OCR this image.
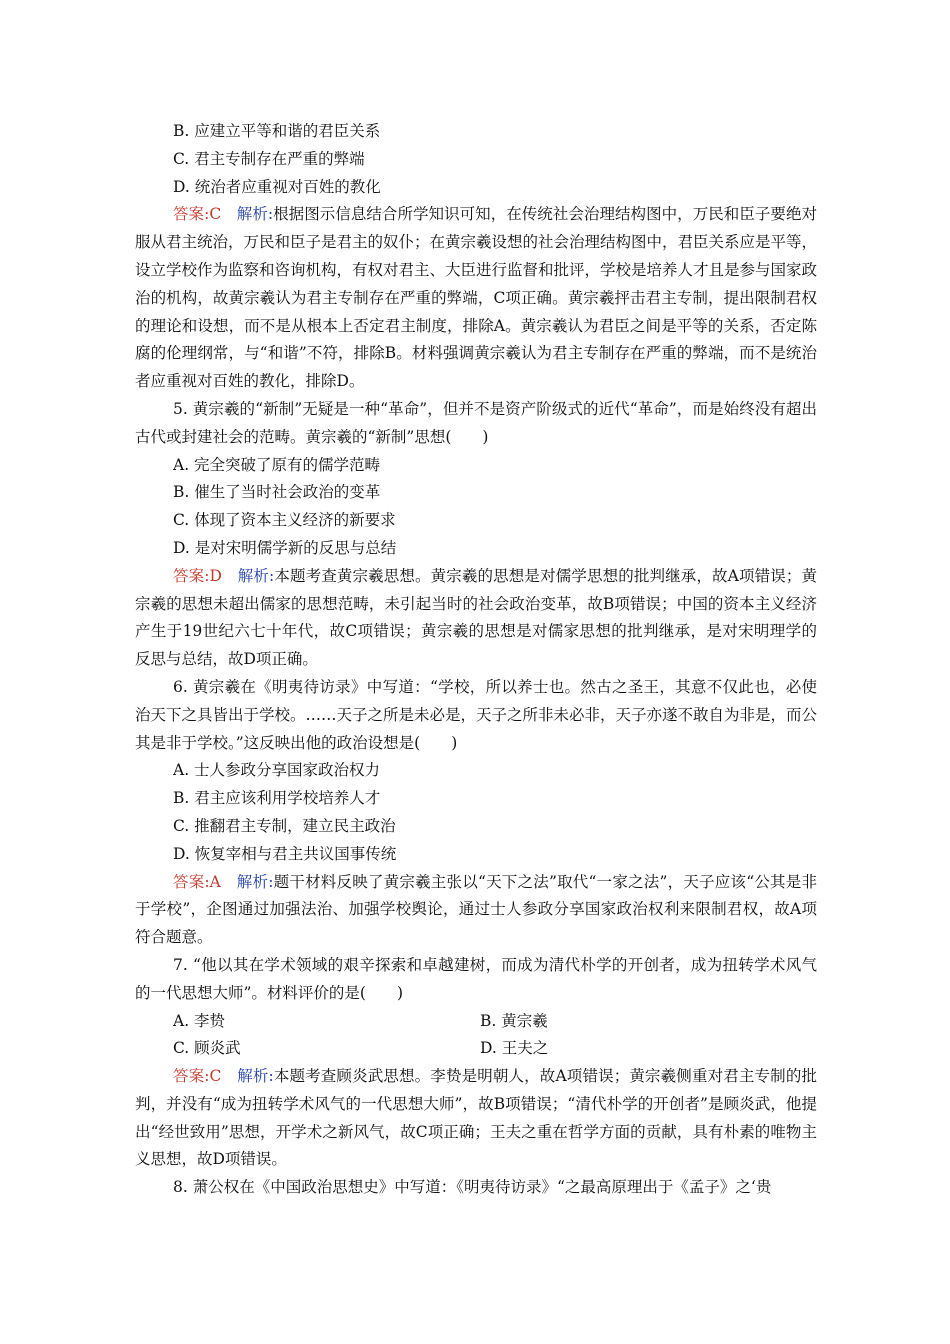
B. 应建立平等和谐的君臣关系
C. 君主专制存在严重的弊端
D. 统治者应重视对百姓的教化
答案:C　 解析:根据图示信息结合所学知识可知，在传统社会治理结构图中，万民和臣子要绝对服从君主统治，万民和臣子是君主的奴仆；在黄宗羲设想的社会治理结构图中，君臣关系应是平等，设立学校作为监察和咨询机构，有权对君主、大臣进行监督和批评，学校是培养人才且是参与国家政治的机构，故黄宗羲认为君主专制存在严重的弊端，C项正确。黄宗羲抨击君主专制，提出限制君权的理论和设想，而不是从根本上否定君主制度，排除A。黄宗羲认为君臣之间是平等的关系，否定陈腐的伦理纲常，与“和谐”不符，排除B。材料强调黄宗羲认为君主专制存在严重的弊端，而不是统治者应重视对百姓的教化，排除D。
5. 黄宗羲的“新制”无疑是一种“革命”，但并不是资产阶级式的近代“革命”，而是始终没有超出古代或封建社会的范畴。黄宗羲的“新制”思想(　　)
A. 完全突破了原有的儒学范畴
B. 催生了当时社会政治的变革
C. 体现了资本主义经济的新要求
D. 是对宋明儒学新的反思与总结
答案:D　 解析:本题考查黄宗羲思想。黄宗羲的思想是对儒学思想的批判继承，故A项错误；黄宗羲的思想未超出儒家的思想范畴，未引起当时的社会政治变革，故B项错误；中国的资本主义经济产生于19世纪六七十年代，故C项错误；黄宗羲的思想是对儒家思想的批判继承，是对宋明理学的反思与总结，故D项正确。
6. 黄宗羲在《明夷待访录》中写道：“学校，所以养士也。然古之圣王，其意不仅此也，必使治天下之具皆出于学校。……天子之所是未必是，天子之所非未必非，天子亦遂不敢自为非是，而公其是非于学校。”这反映出他的政治设想是(　　)
A. 士人参政分享国家政治权力
B. 君主应该利用学校培养人才
C. 推翻君主专制，建立民主政治
D. 恢复宰相与君主共议国事传统
答案:A　 解析:题干材料反映了黄宗羲主张以“天下之法”取代“一家之法”，天子应该“公其是非于学校”，企图通过加强法治、加强学校舆论，通过士人参政分享国家政治权利来限制君权，故A项符合题意。
7. “他以其在学术领域的艰辛探索和卓越建树，而成为清代朴学的开创者，成为扭转学术风气的一代思想大师”。材料评价的是(　　)
A. 李贽	B. 黄宗羲
C. 顾炎武	D. 王夫之
答案:C　 解析:本题考查顾炎武思想。李贽是明朝人，故A项错误；黄宗羲侧重对君主专制的批判，并没有“成为扭转学术风气的一代思想大师”，故B项错误；“清代朴学的开创者”是顾炎武，他提出“经世致用”思想，开学术之新风气，故C项正确；王夫之重在哲学方面的贡献，具有朴素的唯物主义思想，故D项错误。
8. 萧公权在《中国政治思想史》中写道：《明夷待访录》“之最高原理出于《孟子》之‘贵
